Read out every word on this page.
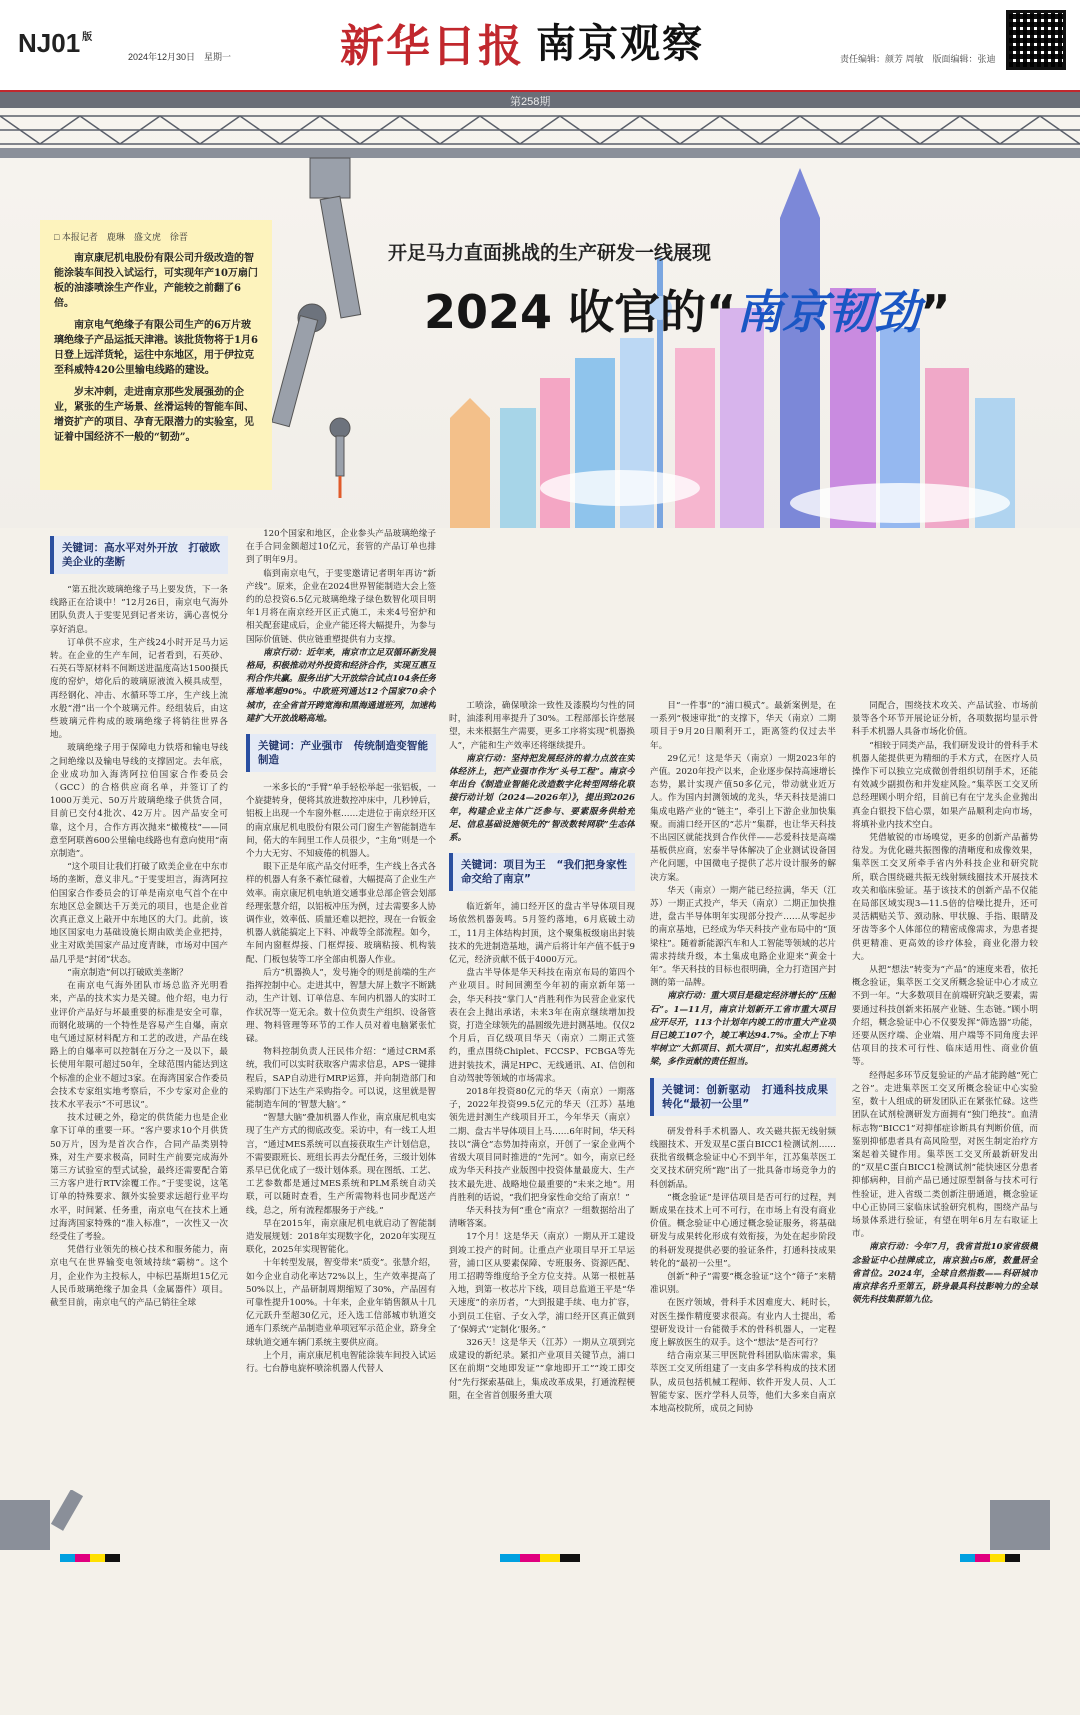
NJ01 $^版$
2024年12月30日　星期一 新华日报 南京观察	责任编辑：颜芳 周敏　版面编辑：张迪
第258期
开足马力直面挑战的生产研发一线展现
2024 收官的“南京韧劲”
□ 本报记者　鹿琳　盛文虎　徐晋

南京康尼机电股份有限公司升级改造的智能涂装车间投入试运行，可实现年产10万扇门板的油漆喷涂生产作业，产能较之前翻了6倍。

南京电气绝缘子有限公司生产的6万片玻璃绝缘子产品运抵天津港。该批货物将于1月6日登上远洋货轮，运往中东地区，用于伊拉克至科威特420公里输电线路的建设。

岁末冲刺，走进南京那些发展强劲的企业，紧张的生产场景、丝滑运转的智能车间、增资扩产的项目、孕育无限潜力的实验室，见证着中国经济不一般的“韧劲”。

关键词：高水平对外开放　打破欧美企业的垄断

“第五批次玻璃绝缘子马上要发货，下一条线路正在洽谈中！”12月26日，南京电气海外团队负责人于雯雯见到记者来访，满心喜悦分享好消息。

订单供不应求，生产线24小时开足马力运转。在企业的生产车间，记者看到，石英砂、石英石等原材料不间断送进温度高达1500摄氏度的窑炉，熔化后的玻璃原液流入模具成型，再经钢化、冲击、水循环等工序，生产线上流水般“滑”出一个个玻璃元件。经组装后，由这些玻璃元件构成的玻璃绝缘子将销往世界各地。

玻璃绝缘子用于保障电力铁塔和输电导线之间绝缘以及输电导线的支撑固定。去年底，企业成功加入海湾阿拉伯国家合作委员会（GCC）的合格供应商名单，并签订了约1000万美元、50万片玻璃绝缘子供货合同，目前已交付4批次、42万片。因产品安全可靠，这个月，合作方再次抛来“橄榄枝”——同意至阿联酋600公里输电线路也有意向使用“南京制造”。

“这个项目让我们打破了欧美企业在中东市场的垄断，意义非凡。”于雯雯坦言，海湾阿拉伯国家合作委员会的订单是南京电气首个在中东地区总金额达千万美元的项目，也是企业首次真正意义上敲开中东地区的大门。此前，该地区国家电力基础设施长期由欧美企业把持，业主对欧美国家产品过度青睐，市场对中国产品几乎是“封闭”状态。

“南京制造”何以打破欧美垄断？

在南京电气海外团队市场总监齐光明看来，产品的技术实力是关键。他介绍，电力行业评价产品好与坏最重要的标准是安全可靠，而钢化玻璃的一个特性是容易产生自爆，南京电气通过原材料配方和工艺的改进，产品在线路上的自爆率可以控制在万分之一及以下，最长使用年限可超过50年，全球范围内能达到这个标准的企业不超过3家。在海湾国家合作委员会技术专家组实地考察后，不少专家对企业的技术水平表示“不可思议”。

技术过硬之外，稳定的供货能力也是企业拿下订单的重要一环。“客户要求10个月供货50万片，因为是首次合作，合同产品类别特殊，对生产要求极高，同时生产前要完成海外第三方试验室的型式试验，最终还需要配合第三方客户进行RTV涂覆工作。”于雯雯说，这笔订单的特殊要求、额外实验要求远超行业平均水平，时间紧、任务重，南京电气在技术上通过海湾国家特殊的“准入标准”，一次性又一次经受住了考验。

凭借行业领先的核心技术和服务能力，南京电气在世界输变电领域持续“霸榜”。这个月，企业作为主投标人，中标巴基斯坦15亿元人民币玻璃绝缘子加金具（金属器件）项目。截至目前，南京电气的产品已销往全球

120个国家和地区，企业参头产品玻璃绝缘子在手合同金额超过10亿元，套管的产品订单也排到了明年9月。

临到南京电气，于雯雯邀请记者明年再访“新产线”。原来，企业在2024世界智能制造大会上签约的总投资6.5亿元玻璃绝缘子绿色数智化项目明年1月将在南京经开区正式施工，未来4号窑炉和相关配套建成后，企业产能还将大幅提升，为参与国际价值链、供应链重塑提供有力支撑。

南京行动：近年来，南京市立足双循环新发展格局，积极推动对外投资和经济合作，实现互惠互利合作共赢。服务出扩大开放综合试点104条任务落地率超90%。中欧班列通达12个国家70余个城市，在全省首开跨宽海和黑海通道班列，加速构建扩大开放战略高地。

关键词：产业强市　传统制造变智能制造

一米多长的“手臂”单手轻松举起一张铝板，一个旋捷转身，便将其放进数控冲床中，几秒钟后，铝板上出现一个车窗外框……走进位于南京经开区的南京康尼机电股份有限公司门窗生产智能制造车间，偌大的车间里工作人员很少，“主角”则是一个个力大无穷、不知疲倦的机器人。

眼下正是年底产品交付旺季，生产线上各式各样的机器人有条不紊忙碌着，大幅提高了企业生产效率。南京康尼机电轨道交通事业总部企管会划部经理张慧介绍，以铝板冲压为例，过去需要多人协调作业，效率低、质量还难以把控，现在一台钣金机器人就能搞定上下料、冲裁等全部流程。如今，车间内窗框焊接、门框焊接、玻璃粘接、机构装配、门板包装等工序全部由机器人作业。

后方“机器换人”，发号施令的则是前端的生产指挥控制中心。走进其中，智慧大屏上数字不断跳动，生产计划、订单信息、车间内机器人的实时工作状况等一览无余。数十位负责生产组织、设备管理、物料管理等环节的工作人员对着电脑紧张忙碌。

物料控制负责人汪民伟介绍：“通过CRM系统，我们可以实时获取客户需求信息，APS一键排程后，SAP自动进行MRP运算，并向制造部门和采购部门下达生产采购指令。可以说，这里就是智能制造车间的‘智慧大脑’。”

“智慧大脑”叠加机器人作业，南京康尼机电实现了生产方式的彻底改变。采访中，有一线工人坦言，“通过MES系统可以直接获取生产计划信息，不需要跟班长、班组长再去分配任务，三级计划体系早已优化成了一级计划体系。现在图纸、工艺、工艺参数都是通过MES系统和PLM系统自动关联，可以随时查看，生产所需物料也同步配送产线，总之，所有流程都服务于产线。”

早在2015年，南京康尼机电就启动了智能制造发展规划：2018年实现数字化，2020年实现互联化，2025年实现智能化。

十年转型发展，智变带来“质变”。张慧介绍，如今企业自动化率达72%以上，生产效率提高了50%以上，产品研制周期缩短了30%，产品固有可靠性提升100%。十年来，企业年销售额从十几亿元跃升至超30亿元，还入选工信部城市轨道交通车门系统产品制造业单项冠军示范企业，跻身全球轨道交通车辆门系统主要供应商。

上个月，南京康尼机电智能涂装车间投入试运行。七台静电旋杯喷涂机器人代替人

工喷涂，确保喷涂一致性及漆膜均匀性的同时，油漆利用率提升了30%。工程部部长许慈展望，未来根据生产需要，更多工序将实现“机器换人”，产能和生产效率还将继续提升。

南京行动：坚持把发展经济的着力点放在实体经济上，把产业强市作为“头号工程”。南京今年出台《制造业智能化改造数字化转型网络化联接行动计划（2024—2026年）》，提出到2026年，构建企业主体广泛参与、要素服务供给充足、信息基础设施领先的“智改数转网联”生态体系。

关键词：项目为王　“我们把身家性命交给了南京”

临近新年，浦口经开区的盘古半导体项目现场依然机器轰鸣。5月签约落地，6月底破土动工，11月主体结构封顶，这个聚集板级扇出封装技术的先进制造基地，满产后将计年产值不低于9亿元，经济贡献不低于4000万元。

盘古半导体是华天科技在南京布局的第四个产业项目。时间回溯至今年初的南京新年第一会，华天科技“掌门人”肖胜利作为民营企业家代表在会上抛出承诺，未来3年在南京继续增加投资，打造全球领先的晶圆级先进封测基地。仅仅2个月后，百亿级项目华天（南京）二期正式签约，重点围绕Chiplet、FCCSP、FCBGA等先进封装技术，满足HPC、无线通讯、AI、信创和自动驾驶等领域的市场需求。

2018年投资80亿元的华天（南京）一期落子，2022年投资99.5亿元的华天（江苏）基地领先进封测生产线项目开工，今年华天（南京）二期、盘古半导体项目上马……6年时间，华天科技以“满仓”态势加持南京，开创了一家企业两个省级大项目同时推进的“先河”。如今，南京已经成为华天科技产业版图中投资体量最庞大、生产技术最先进、战略地位最重要的“未来之地”。用肖胜利的话说，“我们把身家性命交给了南京！”

华天科技为何“重仓”南京？一组数据给出了清晰答案。

17个月！这是华天（南京）一期从开工建设到竣工投产的时间。让重点产业项目早开工早运营，浦口区从要素保障、专班服务、资源匹配、用工招聘等维度给予全方位支持。从第一根桩基入地，到第一枚芯片下线，项目总监道王平是“华天速度”的亲历者，“大到报建手续、电力扩容，小到员工住宿、子女入学，浦口经开区真正做到了‘保姆式’‘定制化’服务。”

326天！这是华天（江苏）一期从立项到完成建设的新纪录。紧扣产业项目关键节点，浦口区在前期“交地即发证”“拿地即开工”“竣工即交付”先行探索基础上，集成改革成果，打通流程梗阻，在全省首创服务重大项

目“一件事”的“浦口模式”。最新案例是，在一系列“极速审批”的支撑下，华天（南京）二期项目于9月20日顺利开工，距离签约仅过去半年。

29亿元！这是华天（南京）一期2023年的产值。2020年投产以来，企业逐步保持高速增长态势，累计实现产值50多亿元，带动就业近万人。作为国内封测领域的龙头，华天科技是浦口集成电路产业的“链主”，牵引上下游企业加快集聚。而浦口经开区的“芯片”集群，也让华天科技不出园区就能找到合作伙伴——芯爱科技是高端基板供应商，宏泰半导体解决了企业测试设备国产化问题，中国微电子提供了芯片设计服务的解决方案。

华天（南京）一期产能已经拉满，华天（江苏）一期正式投产，华天（南京）二期正加快推进，盘古半导体明年实现部分投产……从零起步的南京基地，已经成为华天科技产业布局中的“顶梁柱”。随着新能源汽车和人工智能等领域的芯片需求持续升级，本土集成电路企业迎来“黄金十年”。华天科技的目标也很明确，全力打造国产封测的第一品牌。

南京行动：重大项目是稳定经济增长的“压舱石”。1—11月，南京计划新开工省市重大项目应开尽开，113个计划年内竣工的市重大产业项目已竣工107个，竣工率达94.7%。全市上下牢牢树立“大抓项目、抓大项目”，扣实扎起勇挑大梁，多作贡献的责任担当。

关键词：创新驱动　打通科技成果转化“最初一公里”

研发骨科手术机器人、攻关磁共振无线射频线圈技术、开发双星C蛋白BICC1检测试剂……获批省级概念验证中心不到半年，江苏集萃医工交叉技术研究所“跑”出了一批具备市场竞争力的科创新品。

“概念验证”是评估项目是否可行的过程，判断成果在技术上可不可行，在市场上有没有商业价值。概念验证中心通过概念验证服务，将基础研发与成果转化形成有效衔接，为处在起步阶段的科研发现提供必要的验证条件，打通科技成果转化的“最初一公里”。

创新“种子”需要“概念验证”这个“筛子”来精准识别。

在医疗领域，骨科手术因难度大、耗时长，对医生操作精度要求很高。有业内人士提出，希望研发设计一台能微手术的骨科机器人，一定程度上解放医生的双手。这个“想法”是否可行？

结合南京某三甲医院骨科团队临床需求，集萃医工交叉所组建了一支由多学科构成的技术团队，成员包括机械工程师、软件开发人员、人工智能专家、医疗学科人员等，他们大多来自南京本地高校院所，成员之间协

同配合，围绕技术攻关、产品试验、市场前景等各个环节开展论证分析，各项数据均显示骨科手术机器人具备市场化价值。

“相较于同类产品，我们研发设计的骨科手术机器人能提供更为精细的手术方式，在医疗人员操作下可以独立完成微创骨组织切削手术，还能有效减少副损伤和并发症风险。”集萃医工交叉所总经理顾小明介绍，目前已有在宁龙头企业抛出真金白银投下信心票，如果产品顺利走向市场，将填补业内技术空白。

凭借敏锐的市场嗅觉，更多的创新产品蓄势待发。为优化磁共振图像的清晰度和成像效果，集萃医工交叉所牵手省内外科技企业和研究院所，联合围绕磁共振无线射频线圈技术开展技术攻关和临床验证。基于该技术的创新产品不仅能在局部区域实现3—11.5倍的信噪比提升，还可灵活耦贴关节、颈动脉、甲状腺、手指、眼睛及牙齿等多个人体部位的精密成像需求，为患者提供更精准、更高效的诊疗体验，商业化潜力较大。

从把“想法”转变为“产品”的速度来看，依托概念验证，集萃医工交叉所概念验证中心才成立不到一年。“大多数项目在前端研究缺乏要素，需要通过科技创新来拓展产业链、生态链。”顾小明介绍，概念验证中心不仅要发挥“筛选器”功能，还要从医疗端、企业端、用户端等不同角度去评估项目的技术可行性、临床适用性、商业价值等。

经得起多环节反复验证的产品才能跨越“死亡之谷”。走进集萃医工交叉所概念验证中心实验室，数十人组成的研发团队正在紧张忙碌。这些团队在试剂检测研发方面拥有“独门绝技”。血清标志物“BICC1”对抑郁症诊断具有判断价值，而鉴别抑郁患者具有高风险型，对医生制定治疗方案起着关键作用。集萃医工交叉所最新研发出的“双星C蛋白BICC1检测试剂”能快速区分患者抑郁病种，目前产品已通过原型制备与技术可行性验证，进入省级二类创新注册通道，概念验证中心正协同三家临床试验研究机构，围绕产品与场景体系进行验证，有望在明年6月左右取证上市。

南京行动：今年7月，我省首批10家省级概念验证中心挂牌成立，南京独占6席，数量居全省首位。2024年，全球自然指数——科研城市南京排名升至第五，跻身最具科技影响力的全球领先科技集群第九位。
